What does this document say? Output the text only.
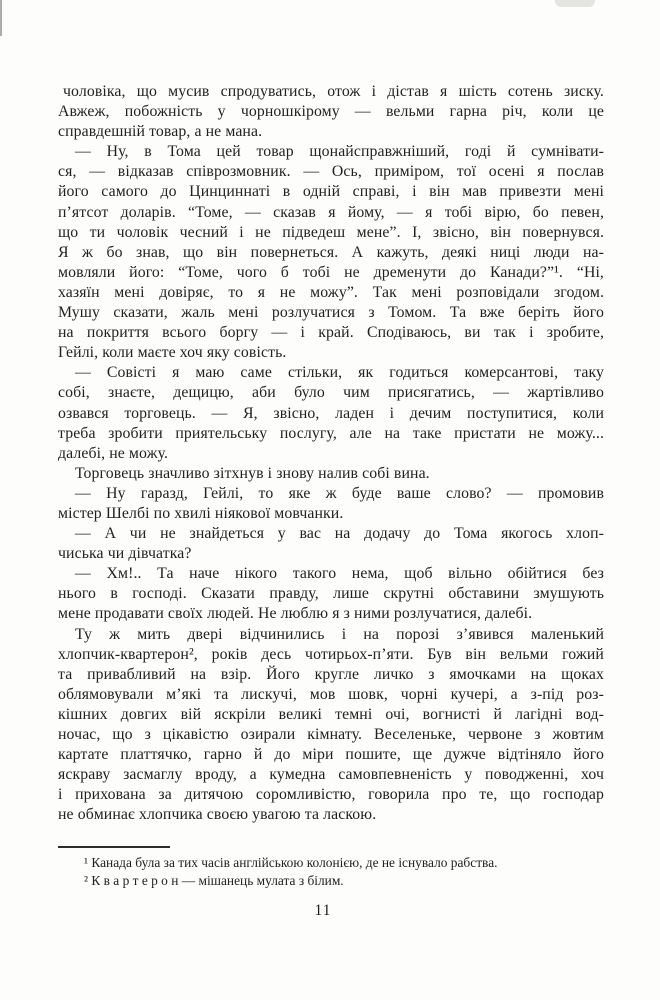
чоловіка, що мусив спродуватись, отож і дістав я шість сотень зиску.
Авжеж, побожність у чорношкірому — вельми гарна річ, коли це
справдешній товар, а не мана.
— Ну, в Тома цей товар щонайсправжніший, годі й сумнівати-
ся, — відказав співрозмовник. — Ось, приміром, тої осені я послав
його самого до Цинциннаті в одній справі, і він мав привезти мені
п’ятсот доларів. “Томе, — сказав я йому, — я тобі вірю, бо певен,
що ти чоловік чесний і не підведеш мене”. І, звісно, він повернувся.
Я ж бо знав, що він повернеться. А кажуть, деякі ниці люди на-
мовляли його: “Томе, чого б тобі не дременути до Канади?”¹. “Ні,
хазяїн мені довіряє, то я не можу”. Так мені розповідали згодом.
Мушу сказати, жаль мені розлучатися з Томом. Та вже беріть його
на покриття всього боргу — і край. Сподіваюсь, ви так і зробите,
Гейлі, коли маєте хоч яку совість.
— Совісті я маю саме стільки, як годиться комерсантові, таку
собі, знаєте, дещицю, аби було чим присягатись, — жартівливо
озвався торговець. — Я, звісно, ладен і дечим поступитися, коли
треба зробити приятельську послугу, але на таке пристати не можу...
далебі, не можу.
Торговець значливо зітхнув і знову налив собі вина.
— Ну гаразд, Гейлі, то яке ж буде ваше слово? — промовив
містер Шелбі по хвилі ніякової мовчанки.
— А чи не знайдеться у вас на додачу до Тома якогось хлоп-
чиська чи дівчатка?
— Хм!.. Та наче нікого такого нема, щоб вільно обійтися без
нього в господі. Сказати правду, лише скрутні обставини змушують
мене продавати своїх людей. Не люблю я з ними розлучатися, далебі.
Ту ж мить двері відчинились і на порозі з’явився маленький
хлопчик-квартерон², років десь чотирьох-п’яти. Був він вельми гожий
та привабливий на взір. Його кругле личко з ямочками на щоках
облямовували м’які та лискучі, мов шовк, чорні кучері, а з-під роз-
кішних довгих вій яскріли великі темні очі, вогнисті й лагідні вод-
ночас, що з цікавістю озирали кімнату. Веселеньке, червоне з жовтим
картате платтячко, гарно й до міри пошите, ще дужче відтіняло його
яскраву засмаглу вроду, а кумедна самовпевненість у поводженні, хоч
і прихована за дитячою соромливістю, говорила про те, що господар
не обминає хлопчика своєю увагою та ласкою.
¹ Канада була за тих часів англійською колонією, де не існувало рабства.
² К в а р т е р о н — мішанець мулата з білим.
11
